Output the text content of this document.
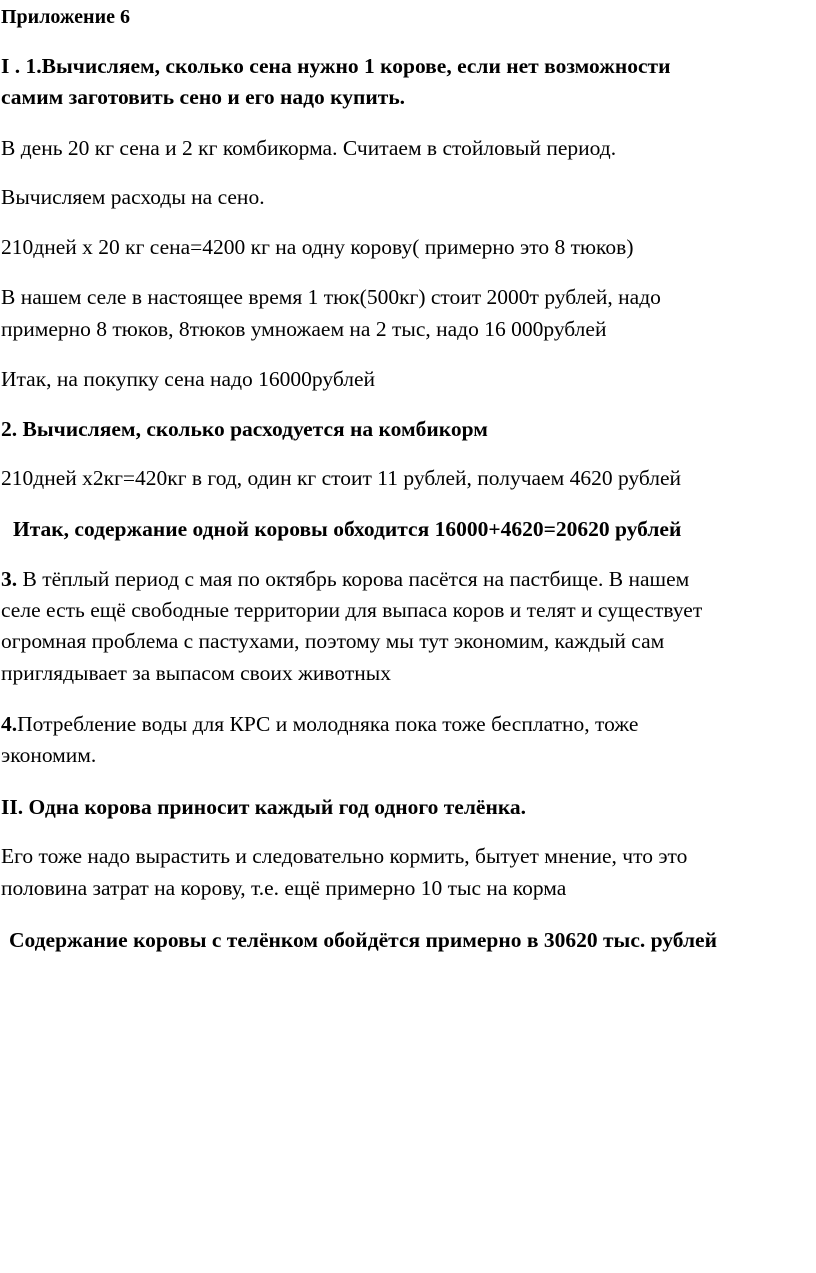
Приложение 6
I . 1.Вычисляем, сколько сена нужно 1 корове, если нет возможности
самим заготовить сено и его надо купить.
В день 20 кг сена и 2 кг комбикорма. Считаем в стойловый период.
Вычисляем расходы на сено.
210дней х 20 кг сена=4200 кг на одну корову( примерно это 8 тюков)
В нашем селе в настоящее время 1 тюк(500кг) стоит 2000т рублей, надо
примерно 8 тюков, 8тюков умножаем на 2 тыс, надо 16 000рублей
Итак, на покупку сена надо 16000рублей
2. Вычисляем, сколько расходуется на комбикорм
210дней х2кг=420кг в год, один кг стоит 11 рублей, получаем 4620 рублей
Итак, содержание одной коровы обходится 16000+4620=20620 рублей
3. В тёплый период с мая по октябрь корова пасётся на пастбище. В нашем
селе есть ещё свободные территории для выпаса коров и телят и существует
огромная проблема с пастухами, поэтому мы тут экономим, каждый сам
приглядывает за выпасом своих животных
4.Потребление воды для КРС и молодняка пока тоже бесплатно, тоже
экономим.
II. Одна корова приносит каждый год одного телёнка.
Его тоже надо вырастить и следовательно кормить, бытует мнение, что это
половина затрат на корову, т.е. ещё примерно 10 тыс на корма
Содержание коровы с телёнком обойдётся примерно в 30620 тыс. рублей
